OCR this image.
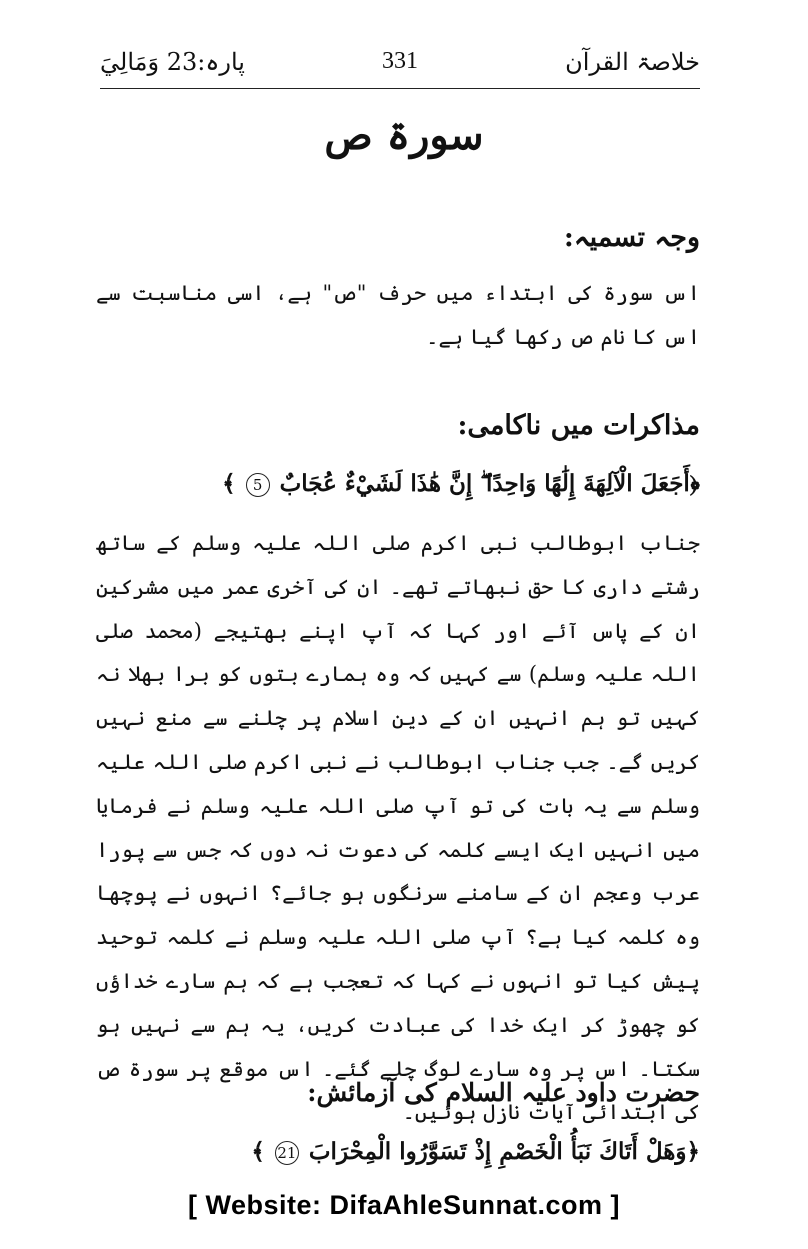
خلاصۃ القرآن
331
پارہ:23 وَمَالِيَ
سورۃ ص
وجہ تسمیہ:
اس سورۃ کی ابتداء میں حرف "ص" ہے، اسی مناسبت سے اس کا نام ص رکھا گیا ہے۔
مذاکرات میں ناکامی:
﴿أَجَعَلَ الْآلِهَةَ إِلَٰهًا وَاحِدًا ۖ إِنَّ هَٰذَا لَشَيْءٌ عُجَابٌ 5 ﴾
جناب ابوطالب نبی اکرم صلی اللہ علیہ وسلم کے ساتھ رشتے داری کا حق نبھاتے تھے۔ ان کی آخری عمر میں مشرکین ان کے پاس آئے اور کہا کہ آپ اپنے بھتیجے (محمد صلی اللہ علیہ وسلم) سے کہیں کہ وہ ہمارے بتوں کو برا بھلا نہ کہیں تو ہم انہیں ان کے دین اسلام پر چلنے سے منع نہیں کریں گے۔ جب جناب ابوطالب نے نبی اکرم صلی اللہ علیہ وسلم سے یہ بات کی تو آپ صلی اللہ علیہ وسلم نے فرمایا میں انہیں ایک ایسے کلمہ کی دعوت نہ دوں کہ جس سے پورا عرب وعجم ان کے سامنے سرنگوں ہو جائے؟ انہوں نے پوچھا وہ کلمہ کیا ہے؟ آپ صلی اللہ علیہ وسلم نے کلمہ توحید پیش کیا تو انہوں نے کہا کہ تعجب ہے کہ ہم سارے خداؤں کو چھوڑ کر ایک خدا کی عبادت کریں، یہ ہم سے نہیں ہو سکتا۔ اس پر وہ سارے لوگ چلے گئے۔ اس موقع پر سورۃ ص کی ابتدائی آیات نازل ہوئیں۔
حضرت داود علیہ السلام کی آزمائش:
﴿وَهَلْ أَتَاكَ نَبَأُ الْخَصْمِ إِذْ تَسَوَّرُوا الْمِحْرَابَ 21 ﴾
[ Website: DifaAhleSunnat.com ]
